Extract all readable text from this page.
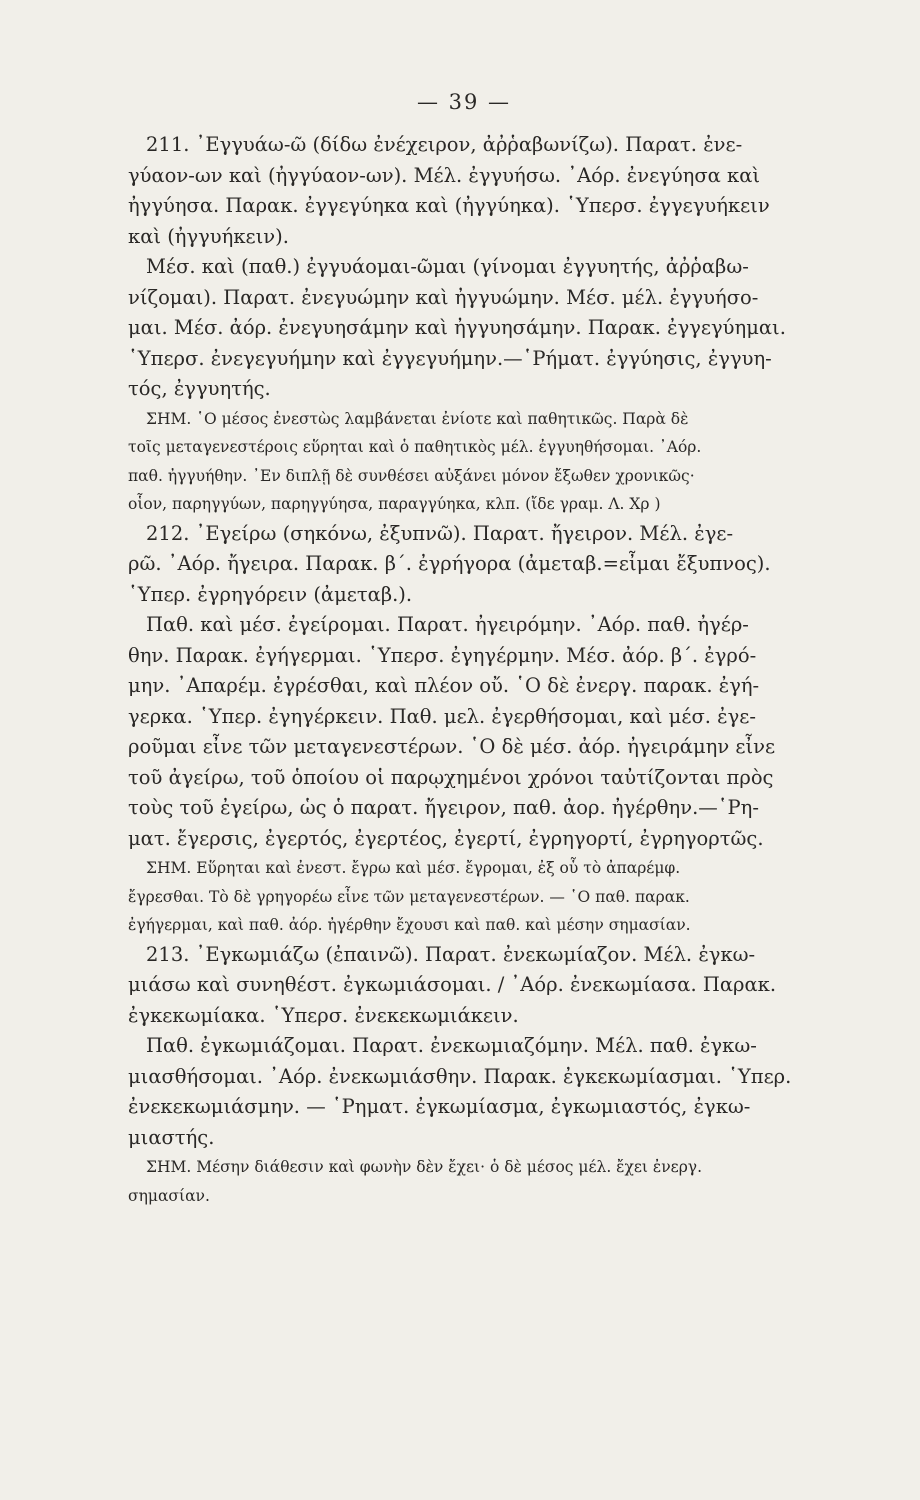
— 39 —
211. ᾿Εγγυάω-ῶ (δίδω ἐνέχειρον, ἀῤῥαβωνίζω). Παρατ. ἐνε-
γύαον-ων καὶ (ἠγγύαον-ων). Μέλ. ἐγγυήσω. ᾿Αόρ. ἐνεγύησα καὶ
ἠγγύησα. Παρακ. ἐγγεγύηκα καὶ (ἠγγύηκα). ῾Υπερσ. ἐγγεγυήκειν
καὶ (ἠγγυήκειν).
Μέσ. καὶ (παθ.) ἐγγυάομαι-ῶμαι (γίνομαι ἐγγυητής, ἀῤῥαβω-
νίζομαι). Παρατ. ἐνεγυώμην καὶ ἠγγυώμην. Μέσ. μέλ. ἐγγυήσο-
μαι. Μέσ. ἀόρ. ἐνεγυησάμην καὶ ἠγγυησάμην. Παρακ. ἐγγεγύημαι.
῾Υπερσ. ἐνεγεγυήμην καὶ ἐγγεγυήμην.—῾Ρήματ. ἐγγύησις, ἐγγυη-
τός, ἐγγυητής.
ΣΗΜ. ῾Ο μέσος ἐνεστὼς λαμβάνεται ἐνίοτε καὶ παθητικῶς. Παρὰ δὲ
τοῖς μεταγενεστέροις εὕρηται καὶ ὁ παθητικὸς μέλ. ἐγγυηθήσομαι. ᾿Αόρ.
παθ. ἠγγυήθην. ᾿Εν διπλῇ δὲ συνθέσει αὐξάνει μόνον ἔξωθεν χρονικῶς·
οἷον, παρηγγύων, παρηγγύησα, παραγγύηκα, κλπ. (ἴδε γραμ. Λ. Χρ )
212. ᾿Εγείρω (σηκόνω, ἐξυπνῶ). Παρατ. ἤγειρον. Μέλ. ἐγε-
ρῶ. ᾿Αόρ. ἤγειρα. Παρακ. β΄. ἐγρήγορα (ἀμεταβ.=εἶμαι ἔξυπνος).
῾Υπερ. ἐγρηγόρειν (ἀμεταβ.).
Παθ. καὶ μέσ. ἐγείρομαι. Παρατ. ἠγειρόμην. ᾿Αόρ. παθ. ἠγέρ-
θην. Παρακ. ἐγήγερμαι. ῾Υπερσ. ἐγηγέρμην. Μέσ. ἀόρ. β΄. ἐγρό-
μην. ᾿Απαρέμ. ἐγρέσθαι, καὶ πλέον οὔ. ῾Ο δὲ ἐνεργ. παρακ. ἐγή-
γερκα. ῾Υπερ. ἐγηγέρκειν. Παθ. μελ. ἐγερθήσομαι, καὶ μέσ. ἐγε-
ροῦμαι εἶνε τῶν μεταγενεστέρων. ῾Ο δὲ μέσ. ἀόρ. ἠγειράμην εἶνε
τοῦ ἀγείρω, τοῦ ὁποίου οἱ παρῳχημένοι χρόνοι ταὐτίζονται πρὸς
τοὺς τοῦ ἐγείρω, ὡς ὁ παρατ. ἤγειρον, παθ. ἀορ. ἠγέρθην.—῾Ρη-
ματ. ἔγερσις, ἐγερτός, ἐγερτέος, ἐγερτί, ἐγρηγορτί, ἐγρηγορτῶς.
ΣΗΜ. Εὕρηται καὶ ἐνεστ. ἔγρω καὶ μέσ. ἔγρομαι, ἐξ οὗ τὸ ἀπαρέμφ.
ἔγρεσθαι. Τὸ δὲ γρηγορέω εἶνε τῶν μεταγενεστέρων. — ῾Ο παθ. παρακ.
ἐγήγερμαι, καὶ παθ. ἀόρ. ἠγέρθην ἔχουσι καὶ παθ. καὶ μέσην σημασίαν.
213. ᾿Εγκωμιάζω (ἐπαινῶ). Παρατ. ἐνεκωμίαζον. Μέλ. ἐγκω-
μιάσω καὶ συνηθέστ. ἐγκωμιάσομαι. / ᾿Αόρ. ἐνεκωμίασα. Παρακ.
ἐγκεκωμίακα. ῾Υπερσ. ἐνεκεκωμιάκειν.
Παθ. ἐγκωμιάζομαι. Παρατ. ἐνεκωμιαζόμην. Μέλ. παθ. ἐγκω-
μιασθήσομαι. ᾿Αόρ. ἐνεκωμιάσθην. Παρακ. ἐγκεκωμίασμαι. ῾Υπερ.
ἐνεκεκωμιάσμην. — ῾Ρηματ. ἐγκωμίασμα, ἐγκωμιαστός, ἐγκω-
μιαστής.
ΣΗΜ. Μέσην διάθεσιν καὶ φωνὴν δὲν ἔχει· ὁ δὲ μέσος μέλ. ἔχει ἐνεργ.
σημασίαν.
